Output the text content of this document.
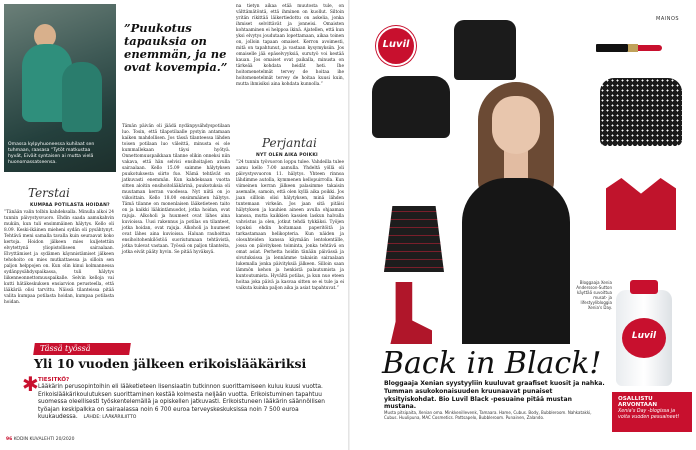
Omassa kylpyhuoneessa kuhilaat sen tuhmaan, raasasa “Tytöt matkustaa hyvät, Eiväit syntaisen ai mutta vielä huonomassatseensa.
”Puukotus tapauksia on enemmän, ja ne ovat kovempia.”
Terstai
KUMPAA POTILASTA HOIDAN?
”Tänään valin tolbin kahdeksalla. Minulla alkoi 24 tunnin päivystysvuoro. Ehdin saada aamukahvin mukiin, kun tuli ensimmäinen hälytys. Kello oli 8.09. Keski-ikäinen mieheni sydän oli pysähtynyt. Tehtävä meni samalla tavalla kuin seuraavat koko kertoja. Hoidon jälkeen mies kuljetettiin elvytettynä yliopistolliseen sairaalaan. Elvyttämiset ja sydämen käynnistämiset jälkeen tehohoito on mies mutkattaessa ja silloin sen paljon helppojen on. Kun olin kinui kolmannessa sydänpysähdyspaikassa, tuli hälytys liikenneonnettomuuspaikalle. Selvin kelloja vai kutti hätäkeskuksen ensiarvion perusteella, että lääkäriä olisi tarvittu. Näissä tilanteissa pitää valita kumpaa potilasta hoidan, kumpaa potilasta hoidan.
Tämän päivän oli jäädä nydänpysähdyspotilaan luo. Tosin, että tilapotilaalle pystyin antamaan kaiken mahdollisen. Jos tässä tilanteessa lähden toisen potilaan luo väleittä, minusta ei ole kummallekaan täysi hyötyä. Onnettomuuspaikkaan tilanne olikin onneksi niin vakava, että hän selvisi ensihoitajien avulla sairaalaan. Kello 15.09 saimme hälytyksen puukotuksesta siirto fuo. Nämä tehtävät on jatkuvasti enemmän. Kun kahdeksaan vuotta sitten aloitin ensihoitolääkärinä, puukotuksia oli muutaman kerran vuodessa. Nyt niitä on jo viikoittain. Kello 18.00 ensimmäinen hälytys. Tämä tilanne on monenlaisen lääketieteen taito on ja kaikki lääkintämuodot, jotka hoidan, ovat rajuja. Alkoholi ja huumeet ovat lähes aina kuvioissa. Uusi rakennus ja potilas on tilanteet, jotka hoidan, ovat rajuja. Alkoholi ja huumeet ovat lähes aina kuvioissa. Haluan rauhoittaa ensihoitohenkilöstöä suoriutumaan tehtävistä, jotka tulevat vastaan. Työssä on paljon tilanteita, jotka eivät pääty hyvin. Se pitää hyväksyä.
na tietyn aikaa etää muutosta tule, on välttämätöntä, että ihminen on kuollut. Siltoin yritän rikittää läikertiedottu on askelia, jonka ihmiset selvittävät ja jonneisi. Omaisten kohtaaminen ei helppoa ikinä. Ajatellen, että kun yksi elvytys joudutaan lopettamaan, aikaa toinen on, jolloin tapaan omaiset. Kerron avoimesti, mitä on tapahtunut, ja vastaan kysymyksiin. Jos omaiselle jää epäselvyyksiä, surutyö voi kestää kauan. Jos omaiset ovat paikalla, minusta on tärkeää kohdata heidät heti. Ihe hoitomenetelmät tervey de hoitaa ihe hoitomenetelmät tervey de hoitaa kuusi kuin, mutta ihmisiksi aina kohdata kunnolla.”
Perjantai
NYT OLEN AIKA POIKKI
”24 tunnin työvuoron loppu tulee. Vahdeilla tulee aamu kello 7:00 aamulla. Yhdeltä yöllä oli päivystysvuoron 11. hälytys. Yhteen rinnoa lähdimme autolla, kymmenen kellopuirrolla. Kun viimeinen kerran jälkeen palasimme takaisin asemalle, samoin, että olen kyllä aika poikki. Jos jaan sillloin olisi hälytyksen, minä lähden tuntemaan virkeän. Jos jaan sitä pitäisi hälytyksen ja kauhien aineen avulla ohjaaman kanssa, mutta kaikkien kassien laskun halvalla vahvistus ja olen, jotkut tehdä tykkäksi. Työjen lopuksi ehdin hoitamaan paperitöitä ja tarkastamaan helikopteria. Kun näiden ja olosuhteiden kanssa käymään lentokentälle, jossa on päivityksen toiminta, jonka tehtävä on omat asiat. Perhetta hoidin tänään päivässä ja sivutuksissa ja lennämme takaisin sairaalaan lukemalla jonka päivityksiä jälkeen. Silloin saan lämmön kehon ja henkistä palautumista ja kuntoutumista. Hyvältä potilas, ja kun nuo eteen hoitaa joka päivä ja kasvaa sitten se ei tule ja ei vaikuta kuinka paljon aika ja asiat tapahtuvat.”
Tässä työssä
Yli 10 vuoden jälkeen erikoislääkäriksi
✱ TIESITKÖ?
Lääkärin perusopintoihin eli lääketieteen lisensiaatin tutkinnon suorittamiseen kuluu kuusi vuotta. Erikoislääkärikoulutuksen suorittaminen kestää kolmesta neljään vuotta. Erikoistuminen tapahtuu suomessa oleellisesti työskentelemällä ja opiskellen jatkuvasti. Erikoistuneen lääkärin säännöllisen työajan keskipalkka on sairaalassa noin 6 700 euroa terveyskeskuksissa noin 7 500 euroa kuukaudessa. LÄHDE: LÄÄKÄRILIITTO
96 KODIN KUVALEHTI 20/2020
MAINOS
Luvil
Bloggaaja Xenia Andersson-Sutton käyttää suvoittua musat- ja lifestyylibloggia Xenia's Day.
Luvil
Back in Black!
Bloggaaja Xenian syystyyliin kuuluvat graafiset kuosit ja nahka. Tumman asukokonaisuuden kruunaavat punaiset yksityiskohdat. Bio Luvil Black -pesuaine pitää mustan mustana.
Musta pitsipaita, Xenian oma. Minkkenillevenk, Tamaara. Hame, Cubus. Body, Bubbleroom. Nahkatakki, Cubus. Huulipuna, MAC Cosmetics. Pattsapelo, Bubbleroom. Punainen, Zalando.
OSALLISTU ARVONTAAN
Xenia's Day -blogissa ja voita vuoden pesuaineet!
